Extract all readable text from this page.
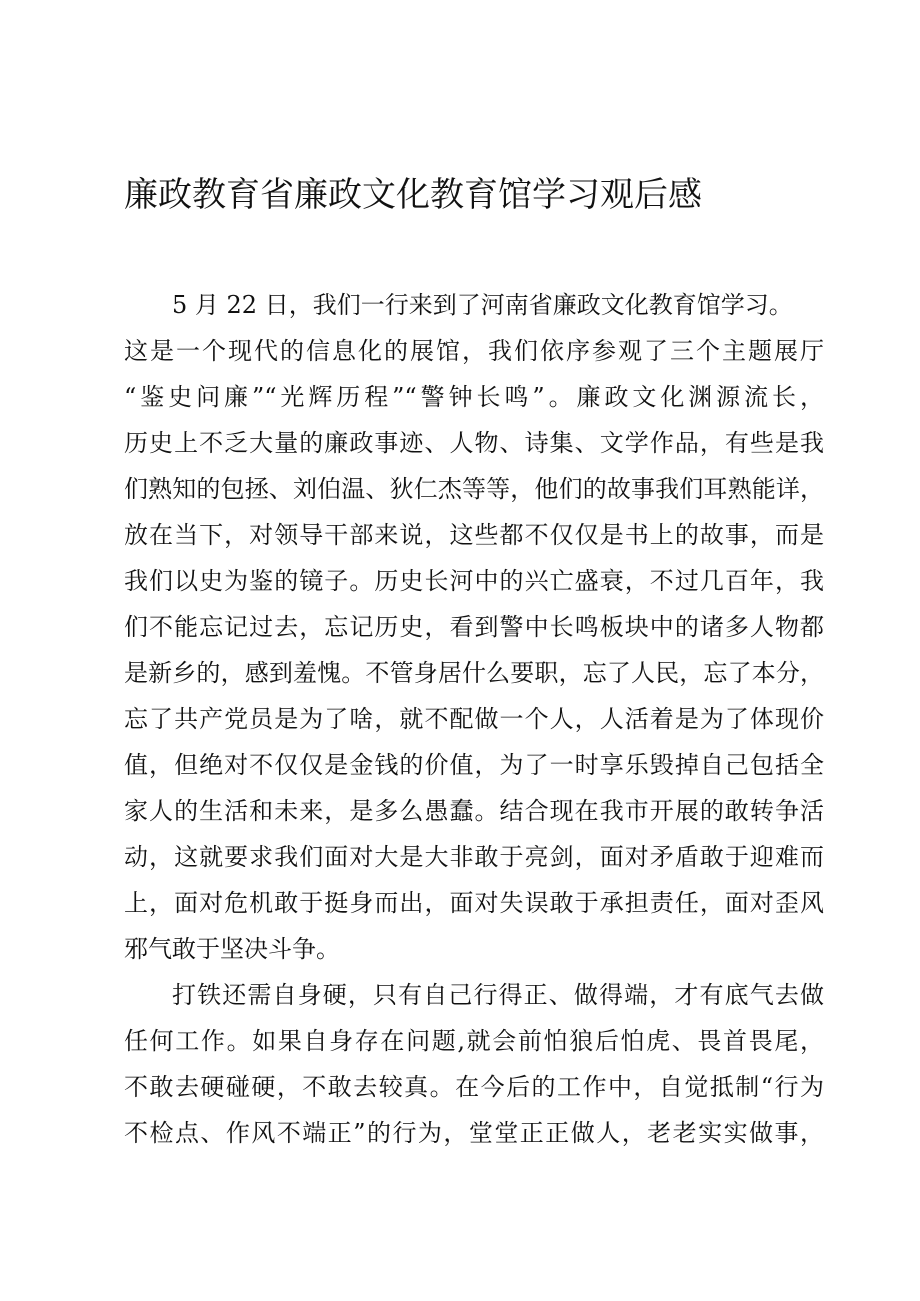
廉政教育省廉政文化教育馆学习观后感
5 月 22 日，我们一行来到了河南省廉政文化教育馆学习。
这是一个现代的信息化的展馆，我们依序参观了三个主题展厅
“鉴史问廉”“光辉历程”“警钟长鸣”。廉政文化渊源流长，
历史上不乏大量的廉政事迹、人物、诗集、文学作品，有些是我
们熟知的包拯、刘伯温、狄仁杰等等，他们的故事我们耳熟能详，
放在当下，对领导干部来说，这些都不仅仅是书上的故事，而是
我们以史为鉴的镜子。历史长河中的兴亡盛衰，不过几百年，我
们不能忘记过去，忘记历史，看到警中长鸣板块中的诸多人物都
是新乡的，感到羞愧。不管身居什么要职，忘了人民，忘了本分，
忘了共产党员是为了啥，就不配做一个人，人活着是为了体现价
值，但绝对不仅仅是金钱的价值，为了一时享乐毁掉自己包括全
家人的生活和未来，是多么愚蠢。结合现在我市开展的敢转争活
动，这就要求我们面对大是大非敢于亮剑，面对矛盾敢于迎难而
上，面对危机敢于挺身而出，面对失误敢于承担责任，面对歪风
邪气敢于坚决斗争。
打铁还需自身硬，只有自己行得正、做得端，才有底气去做
任何工作。如果自身存在问题,就会前怕狼后怕虎、畏首畏尾，
不敢去硬碰硬，不敢去较真。在今后的工作中，自觉抵制“行为
不检点、作风不端正”的行为，堂堂正正做人，老老实实做事，
